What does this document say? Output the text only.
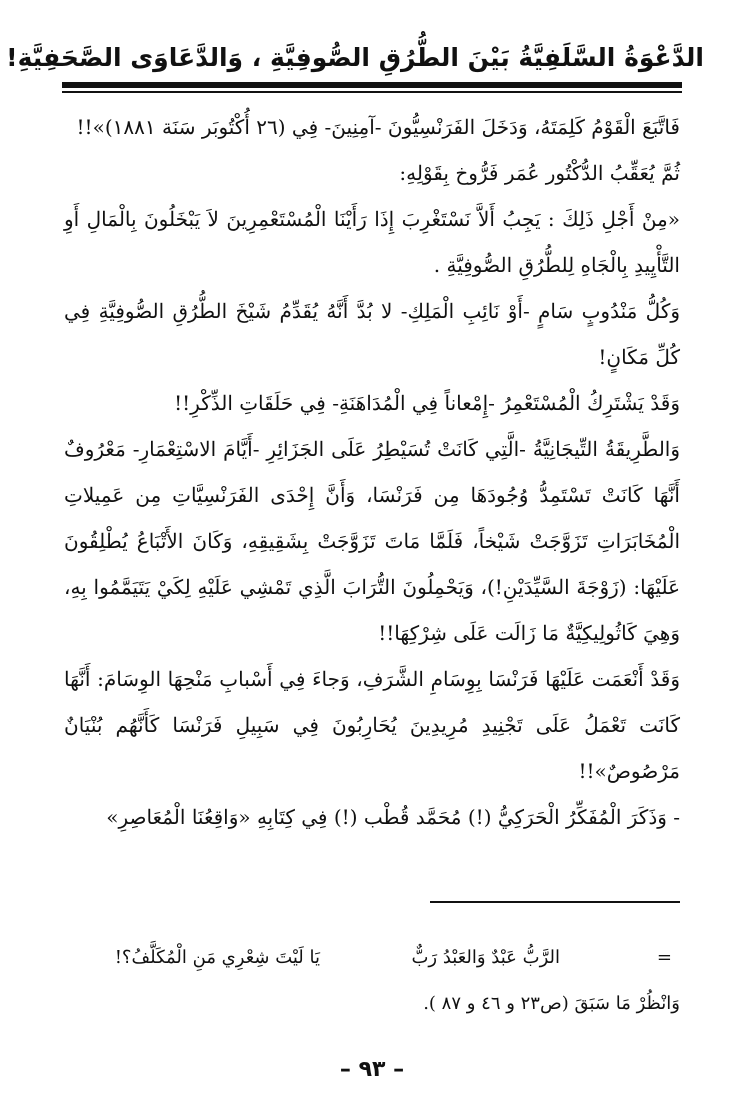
الدَّعْوَةُ السَّلَفِيَّةُ بَيْنَ الطُّرُقِ الصُّوفِيَّةِ ، وَالدَّعَاوَى الصَّحَفِيَّةِ!

فَاتَّبَعَ الْقَوْمُ كَلِمَتَهُ، وَدَخَلَ الفَرَنْسِيُّونَ -آمِنِينَ- فِي (٢٦ أُكْتُوبَر سَنَة ١٨٨١)»!!

ثُمَّ يُعَقِّبُ الدُّكْتُور عُمَر فَرُّوخ بِقَوْلِهِ:

«مِنْ أَجْلِ ذَلِكَ : يَجِبُ أَلاَّ نَسْتَغْرِبَ إِذَا رَأَيْنَا الْمُسْتَعْمِرِينَ لاَ يَبْخَلُونَ بِالْمَالِ أَوِ التَّأْيِيدِ بِالْجَاهِ لِلطُّرُقِ الصُّوفِيَّةِ .

وَكُلُّ مَنْدُوبٍ سَامٍ -أَوْ نَائِبِ الْمَلِكِ- لا بُدَّ أَنَّهُ يُقَدِّمُ شَيْخَ الطُّرُقِ الصُّوفِيَّةِ فِي كُلِّ مَكَانٍ!

وَقَدْ يَشْتَرِكُ الْمُسْتَعْمِرُ -إِمْعاناً فِي الْمُدَاهَنَةِ- فِي حَلَقَاتِ الذِّكْرِ!!

وَالطَّرِيقَةُ التِّيجَانِيَّةُ -الَّتِي كَانَتْ تُسَيْطِرُ عَلَى الجَزَائِرِ -أَيَّامَ الاسْتِعْمَارِ- مَعْرُوفٌ أَنَّهَا كَانَتْ تَسْتَمِدُّ وُجُودَهَا مِن فَرَنْسَا، وَأَنَّ إِحْدَى الفَرَنْسِيَّاتِ مِن عَمِيلاتِ الْمُخَابَرَاتِ تَزَوَّجَتْ شَيْخاً، فَلَمَّا مَاتَ تَزَوَّجَتْ بِشَقِيقِهِ، وَكَانَ الأَتْبَاعُ يُطْلِقُونَ عَلَيْهَا: (زَوْجَةَ السَّيِّدَيْنِ!)، وَيَحْمِلُونَ التُّرَابَ الَّذِي تَمْشِي عَلَيْهِ لِكَيْ يَتَيَمَّمُوا بِهِ، وَهِيَ كَاثُولِيكِيَّةٌ مَا زَالَت عَلَى شِرْكِهَا!!

وَقَدْ أَنْعَمَت عَلَيْهَا فَرَنْسَا بِوِسَامِ الشَّرَفِ، وَجاءَ فِي أَسْبابِ مَنْحِهَا الوِسَامَ: أَنَّهَا كَانَت تَعْمَلُ عَلَى تَجْنِيدِ مُرِيدِينَ يُحَارِبُونَ فِي سَبِيلِ فَرَنْسَا كَأَنَّهُم بُنْيَانٌ مَرْصُوصٌ»!!

- وَذَكَرَ الْمُفَكِّرُ الْحَرَكِيُّ (!) مُحَمَّد قُطْب (!) فِي كِتَابِهِ «وَاقِعُنَا الْمُعَاصِرِ»

=
الرَّبُّ عَبْدٌ وَالعَبْدُ رَبٌّ
يَا لَيْتَ شِعْرِي مَنِ الْمُكَلَّفُ؟!
وَانْظُرْ مَا سَبَقَ (ص٢٣ و ٤٦ و ٨٧ ).
– ٩٣ –
